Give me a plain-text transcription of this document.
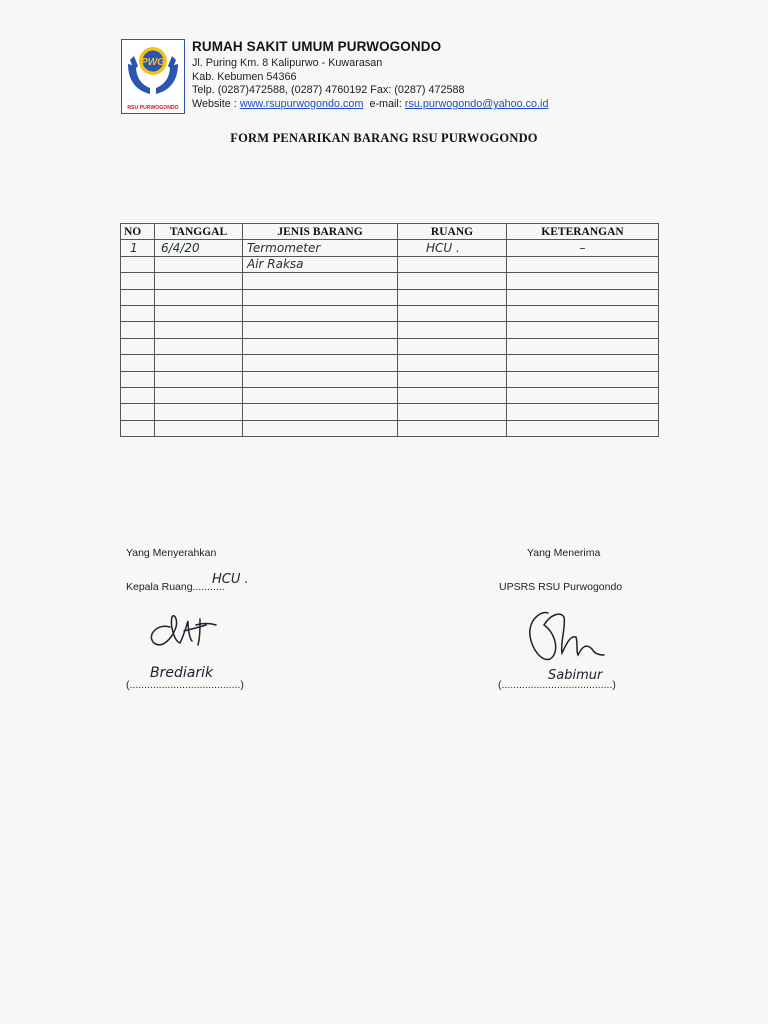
PWG
RSU PURWOGONDO
RUMAH SAKIT UMUM PURWOGONDO
Jl. Puring Km. 8 Kalipurwo - Kuwarasan
Kab. Kebumen 54366
Telp. (0287)472588, (0287) 4760192 Fax: (0287) 472588
Website : www.rsupurwogondo.com e-mail: rsu.purwogondo@yahoo.co.id
FORM PENARIKAN BARANG RSU PURWOGONDO
NO	TANGGAL	JENIS BARANG	RUANG	KETERANGAN
1	6/4/20	Termometer	HCU .	–
		Air Raksa		

Yang Menyerahkan
Kepala Ruang...........
HCU .
(......................................)
Brediarik
Yang Menerima
UPSRS RSU Purwogondo
(......................................)
Sabimur
